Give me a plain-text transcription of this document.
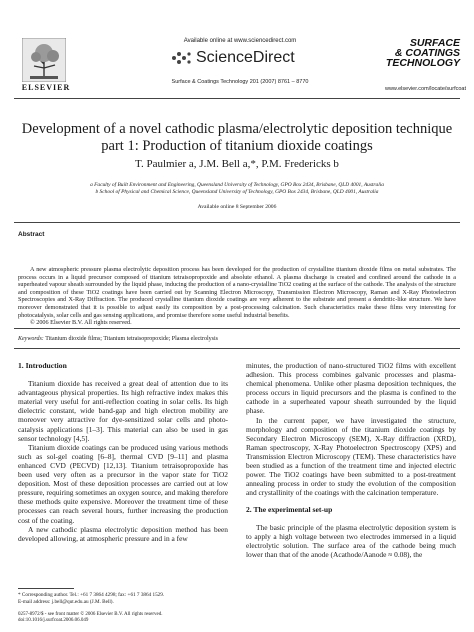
ELSEVIER
Available online at www.sciencedirect.com
ScienceDirect
Surface & Coatings Technology 201 (2007) 8761 – 8770
SURFACE
& COATINGS
TECHNOLOGY
www.elsevier.com/locate/surfcoat
Development of a novel cathodic plasma/electrolytic deposition technique
part 1: Production of titanium dioxide coatings
T. Paulmier a, J.M. Bell a,*, P.M. Fredericks b
a Faculty of Built Environment and Engineering, Queensland University of Technology, GPO Box 2434, Brisbane, QLD 4001, Australia
b School of Physical and Chemical Science, Queensland University of Technology, GPO Box 2434, Brisbane, QLD 4001, Australia
Available online 8 September 2006
Abstract
A new atmospheric pressure plasma electrolytic deposition process has been developed for the production of crystalline titanium dioxide films on metal substrates. The process occurs in a liquid precursor composed of titanium tetraisopropoxide and absolute ethanol. A plasma discharge is created and confined around the cathode in a superheated vapour sheath surrounded by the liquid phase, inducing the production of a nano-crystalline TiO2 coating at the surface of the cathode. The analysis of the structure and composition of these TiO2 coatings have been carried out by Scanning Electron Microscopy, Transmission Electron Microscopy, Raman and X-Ray Photoelectron Spectroscopies and X-Ray Diffraction. The produced crystalline titanium dioxide coatings are very adherent to the substrate and present a dendritic-like structure. We have moreover demonstrated that it is possible to adjust easily its composition by a post-processing calcination. Such characteristics make these films very interesting for photocatalysis, solar cells and gas sensing applications, and promise therefore some useful industrial benefits.
© 2006 Elsevier B.V. All rights reserved.
Keywords: Titanium dioxide films; Titanium tetraisopropoxide; Plasma electrolysis
1. Introduction

Titanium dioxide has received a great deal of attention due to its advantageous physical properties. Its high refractive index makes this material very useful for anti-reflection coating in solar cells. Its high dielectric constant, wide band-gap and high electron mobility are moreover very attractive for dye-sensitized solar cells and photo-catalysis applications [1–3]. This material can also be used in gas sensor technology [4,5].

Titanium dioxide coatings can be produced using various methods such as sol-gel coating [6–8], thermal CVD [9–11] and plasma enhanced CVD (PECVD) [12,13]. Titanium tetraisopropoxide has been used very often as a precursor in the vapor state for TiO2 deposition. Most of these deposition processes are carried out at low pressure, requiring sometimes an oxygen source, and making therefore these methods quite expensive. Moreover the treatment time of these processes can reach several hours, further increasing the production cost of the coating.

A new cathodic plasma electrolytic deposition method has been developed allowing, at atmospheric pressure and in a few

* Corresponding author. Tel.: +61 7 3864 4298; fax: +61 7 3864 1529.
E-mail address: j.bell@qut.edu.au (J.M. Bell).
0257-8972/$ - see front matter © 2006 Elsevier B.V. All rights reserved.
doi:10.1016/j.surfcoat.2006.06.049

minutes, the production of nano-structured TiO2 films with excellent adhesion. This process combines galvanic processes and plasma-chemical phenomena. Unlike other plasma deposition techniques, the process occurs in liquid precursors and the plasma is confined to the cathode in a superheated vapour sheath surrounded by the liquid phase.

In the current paper, we have investigated the structure, morphology and composition of the titanium dioxide coatings by Secondary Electron Microscopy (SEM), X-Ray diffraction (XRD), Raman spectroscopy, X-Ray Photoelectron Spectroscopy (XPS) and Transmission Electron Microscopy (TEM). These characteristics have been studied as a function of the treatment time and injected electric power. The TiO2 coatings have been submitted to a post-treatment annealing process in order to study the evolution of the composition and crystallinity of the coatings with the calcination temperature.

2. The experimental set-up

The basic principle of the plasma electrolytic deposition system is to apply a high voltage between two electrodes immersed in a liquid electrolytic solution. The surface area of the cathode being much lower than that of the anode (Acathode/Aanode ≈ 0.08), the
